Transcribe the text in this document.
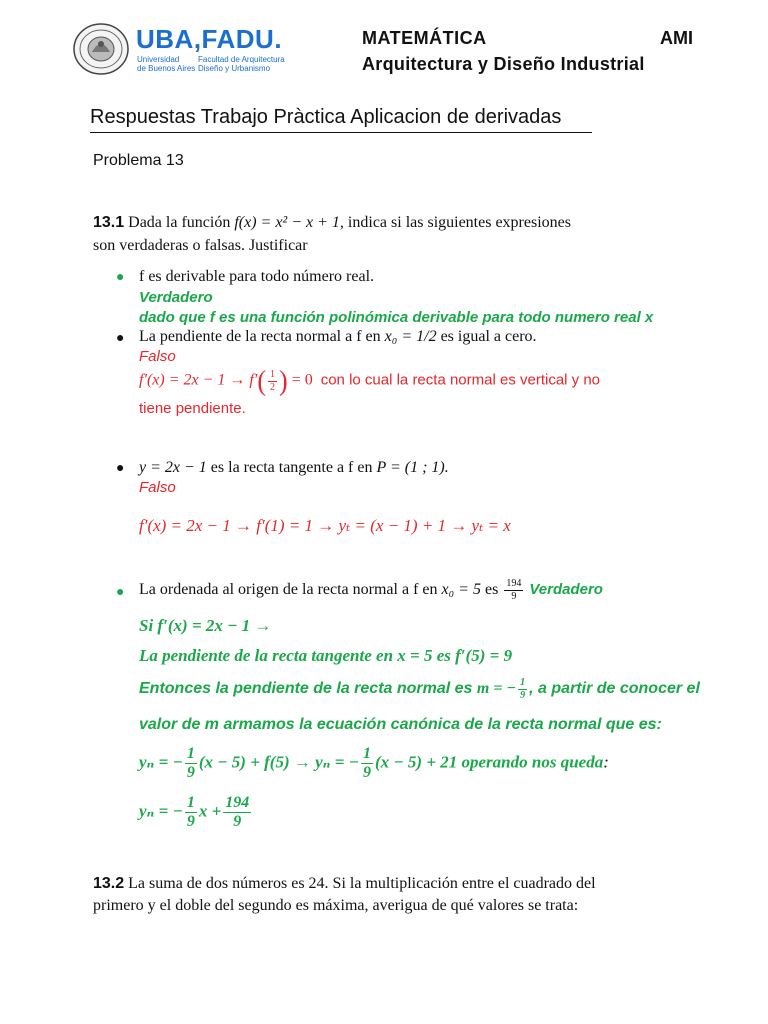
UBA,FADU.
Universidad
de Buenos Aires
Facultad de Arquitectura
Diseño y Urbanismo
MATEMÁTICA	AMI
Arquitectura y Diseño Industrial
Respuestas Trabajo Pràctica Aplicacion de derivadas
Problema 13
13.1 Dada la función f(x) = x² − x + 1, indica si las siguientes expresiones
son verdaderas o falsas. Justificar
● f es derivable para todo número real.
Verdadero
dado que f es una función polinómica derivable para todo numero real x
● La pendiente de la recta normal a f en x₀ = 1/2 es igual a cero.
Falso
$f'(x) = 2x - 1 \to f'( \frac{1}{2}$ ) = 0 con lo cual la recta normal es vertical y no
tiene pendiente.
● y = 2x − 1 es la recta tangente a f en P = (1 ; 1).
Falso
f′(x) = 2x − 1 → f′(1) = 1 → yₜ = (x − 1) + 1 → yₜ = x
● La ordenada al origen de la recta normal a f en x₀ = 5 es $\frac{194}{9}$ Verdadero
Si f′(x) = 2x − 1 →
La pendiente de la recta tangente en x = 5 es f′(5) = 9
Entonces la pendiente de la recta normal es m = − $\frac{1}{9}$ , a partir de conocer el
valor de m armamos la ecuación canónica de la recta normal que es:
yₙ = − $\frac{1}{9} (x - 5) + f(5) \to y_n$ = − $\frac{1}{9} (x - 5) + 21$ operando nos queda:
yₙ = − $\frac{1}{9}$ $x + \frac{194}{9}$
13.2 La suma de dos números es 24. Si la multiplicación entre el cuadrado del
primero y el doble del segundo es máxima, averigua de qué valores se trata:
